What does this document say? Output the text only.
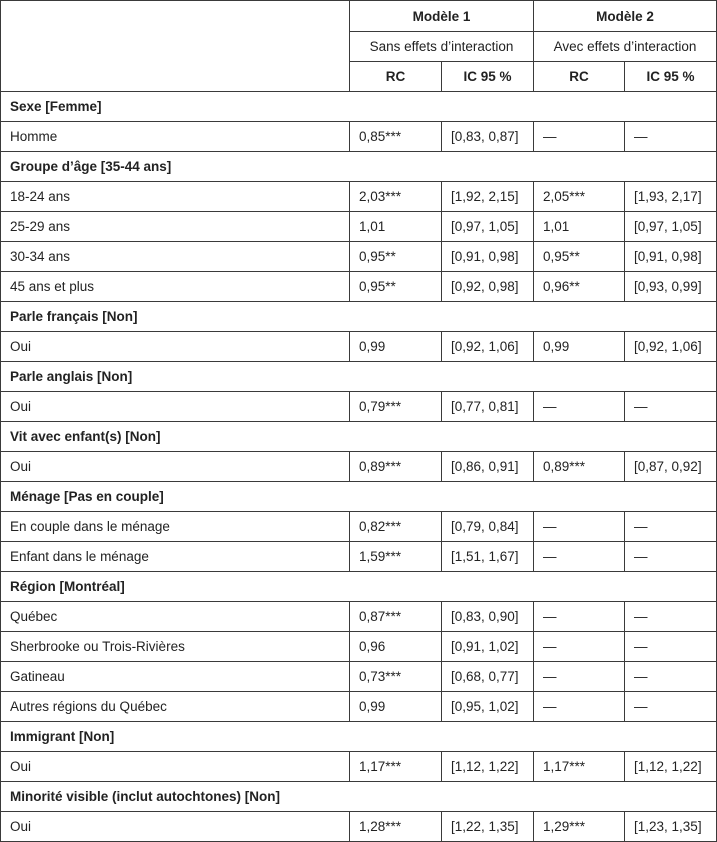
	Modèle 1		Modèle 2	
	Sans effets d’interaction		Avec effets d’interaction	
	RC	IC 95 %	RC	IC 95 %
Sexe [Femme]				
Homme	0,85***	[0,83, 0,87]	—	—
Groupe d’âge [35-44 ans]				
18-24 ans	2,03***	[1,92, 2,15]	2,05***	[1,93, 2,17]
25-29 ans	1,01	[0,97, 1,05]	1,01	[0,97, 1,05]
30-34 ans	0,95**	[0,91, 0,98]	0,95**	[0,91, 0,98]
45 ans et plus	0,95**	[0,92, 0,98]	0,96**	[0,93, 0,99]
Parle français [Non]				
Oui	0,99	[0,92, 1,06]	0,99	[0,92, 1,06]
Parle anglais [Non]				
Oui	0,79***	[0,77, 0,81]	—	—
Vit avec enfant(s) [Non]				
Oui	0,89***	[0,86, 0,91]	0,89***	[0,87, 0,92]
Ménage [Pas en couple]				
En couple dans le ménage	0,82***	[0,79, 0,84]	—	—
Enfant dans le ménage	1,59***	[1,51, 1,67]	—	—
Région [Montréal]				
Québec	0,87***	[0,83, 0,90]	—	—
Sherbrooke ou Trois-Rivières	0,96	[0,91, 1,02]	—	—
Gatineau	0,73***	[0,68, 0,77]	—	—
Autres régions du Québec	0,99	[0,95, 1,02]	—	—
Immigrant [Non]				
Oui	1,17***	[1,12, 1,22]	1,17***	[1,12, 1,22]
Minorité visible (inclut autochtones) [Non]				
Oui	1,28***	[1,22, 1,35]	1,29***	[1,23, 1,35]
